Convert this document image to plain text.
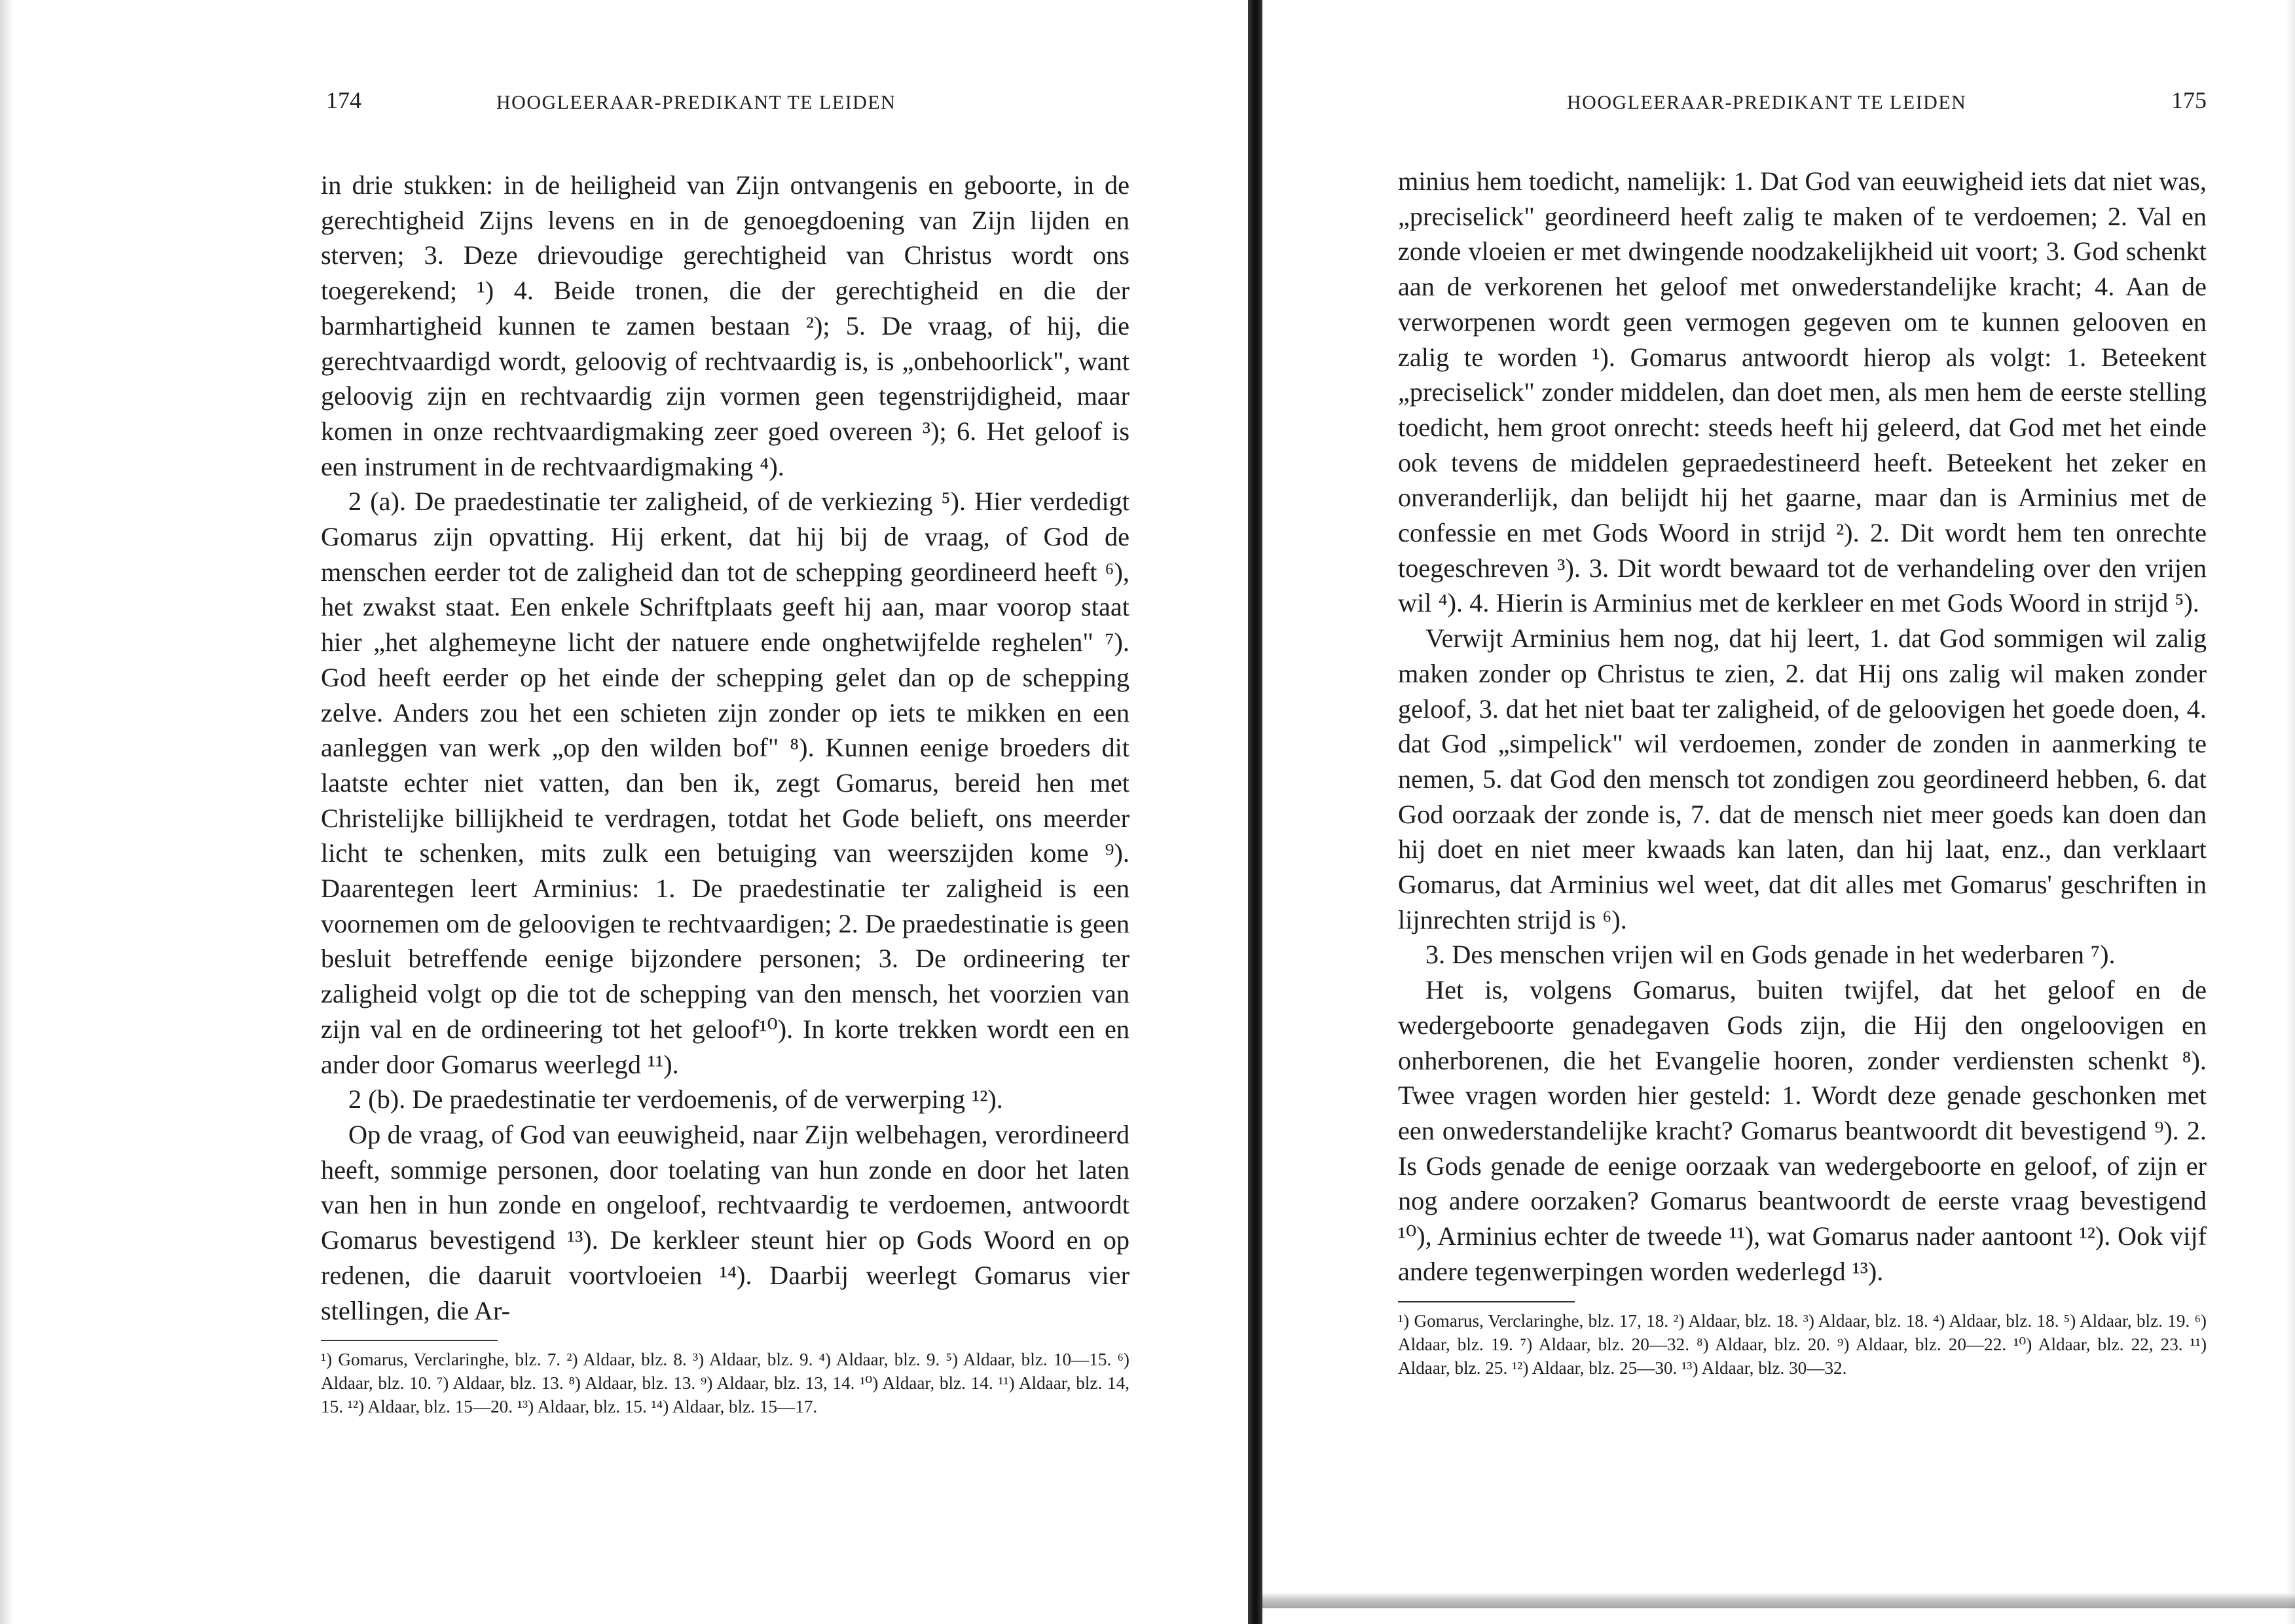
174	HOOGLEERAAR-PREDIKANT TE LEIDEN

in drie stukken: in de heiligheid van Zijn ontvangenis en geboorte, in de gerechtigheid Zijns levens en in de genoegdoening van Zijn lijden en sterven; 3. Deze drievoudige gerechtigheid van Christus wordt ons toegerekend; ¹) 4. Beide tronen, die der gerechtigheid en die der barmhartigheid kunnen te zamen bestaan ²); 5. De vraag, of hij, die gerechtvaardigd wordt, geloovig of rechtvaardig is, is „onbehoorlick", want geloovig zijn en rechtvaardig zijn vormen geen tegenstrijdigheid, maar komen in onze rechtvaardigmaking zeer goed overeen ³); 6. Het geloof is een instrument in de rechtvaardigmaking ⁴).

2 (a). De praedestinatie ter zaligheid, of de verkiezing ⁵). Hier verdedigt Gomarus zijn opvatting. Hij erkent, dat hij bij de vraag, of God de menschen eerder tot de zaligheid dan tot de schepping geordineerd heeft ⁶), het zwakst staat. Een enkele Schriftplaats geeft hij aan, maar voorop staat hier „het alghemeyne licht der natuere ende onghetwijfelde reghelen" ⁷). God heeft eerder op het einde der schepping gelet dan op de schepping zelve. Anders zou het een schieten zijn zonder op iets te mikken en een aanleggen van werk „op den wilden bof" ⁸). Kunnen eenige broeders dit laatste echter niet vatten, dan ben ik, zegt Gomarus, bereid hen met Christelijke billijkheid te verdragen, totdat het Gode belieft, ons meerder licht te schenken, mits zulk een betuiging van weerszijden kome ⁹). Daarentegen leert Arminius: 1. De praedestinatie ter zaligheid is een voornemen om de geloovigen te rechtvaardigen; 2. De praedestinatie is geen besluit betreffende eenige bijzondere personen; 3. De ordineering ter zaligheid volgt op die tot de schepping van den mensch, het voorzien van zijn val en de ordineering tot het geloof¹⁰). In korte trekken wordt een en ander door Gomarus weerlegd ¹¹).

2 (b). De praedestinatie ter verdoemenis, of de verwerping ¹²).

Op de vraag, of God van eeuwigheid, naar Zijn welbehagen, verordineerd heeft, sommige personen, door toelating van hun zonde en door het laten van hen in hun zonde en ongeloof, rechtvaardig te verdoemen, antwoordt Gomarus bevestigend ¹³). De kerkleer steunt hier op Gods Woord en op redenen, die daaruit voortvloeien ¹⁴). Daarbij weerlegt Gomarus vier stellingen, die Ar-

¹) Gomarus, Verclaringhe, blz. 7. ²) Aldaar, blz. 8. ³) Aldaar, blz. 9. ⁴) Aldaar, blz. 9. ⁵) Aldaar, blz. 10—15. ⁶) Aldaar, blz. 10. ⁷) Aldaar, blz. 13. ⁸) Aldaar, blz. 13. ⁹) Aldaar, blz. 13, 14. ¹⁰) Aldaar, blz. 14. ¹¹) Aldaar, blz. 14, 15. ¹²) Aldaar, blz. 15—20. ¹³) Aldaar, blz. 15. ¹⁴) Aldaar, blz. 15—17.
HOOGLEERAAR-PREDIKANT TE LEIDEN	175

minius hem toedicht, namelijk: 1. Dat God van eeuwigheid iets dat niet was, „preciselick" geordineerd heeft zalig te maken of te verdoemen; 2. Val en zonde vloeien er met dwingende noodzakelijkheid uit voort; 3. God schenkt aan de verkorenen het geloof met onwederstandelijke kracht; 4. Aan de verworpenen wordt geen vermogen gegeven om te kunnen gelooven en zalig te worden ¹). Gomarus antwoordt hierop als volgt: 1. Beteekent „preciselick" zonder middelen, dan doet men, als men hem de eerste stelling toedicht, hem groot onrecht: steeds heeft hij geleerd, dat God met het einde ook tevens de middelen gepraedestineerd heeft. Beteekent het zeker en onveranderlijk, dan belijdt hij het gaarne, maar dan is Arminius met de confessie en met Gods Woord in strijd ²). 2. Dit wordt hem ten onrechte toegeschreven ³). 3. Dit wordt bewaard tot de verhandeling over den vrijen wil ⁴). 4. Hierin is Arminius met de kerkleer en met Gods Woord in strijd ⁵).

Verwijt Arminius hem nog, dat hij leert, 1. dat God sommigen wil zalig maken zonder op Christus te zien, 2. dat Hij ons zalig wil maken zonder geloof, 3. dat het niet baat ter zaligheid, of de geloovigen het goede doen, 4. dat God „simpelick" wil verdoemen, zonder de zonden in aanmerking te nemen, 5. dat God den mensch tot zondigen zou geordineerd hebben, 6. dat God oorzaak der zonde is, 7. dat de mensch niet meer goeds kan doen dan hij doet en niet meer kwaads kan laten, dan hij laat, enz., dan verklaart Gomarus, dat Arminius wel weet, dat dit alles met Gomarus' geschriften in lijnrechten strijd is ⁶).

3. Des menschen vrijen wil en Gods genade in het wederbaren ⁷).

Het is, volgens Gomarus, buiten twijfel, dat het geloof en de wedergeboorte genadegaven Gods zijn, die Hij den ongeloovigen en onherborenen, die het Evangelie hooren, zonder verdiensten schenkt ⁸). Twee vragen worden hier gesteld: 1. Wordt deze genade geschonken met een onwederstandelijke kracht? Gomarus beantwoordt dit bevestigend ⁹). 2. Is Gods genade de eenige oorzaak van wedergeboorte en geloof, of zijn er nog andere oorzaken? Gomarus beantwoordt de eerste vraag bevestigend ¹⁰), Arminius echter de tweede ¹¹), wat Gomarus nader aantoont ¹²). Ook vijf andere tegenwerpingen worden wederlegd ¹³).

¹) Gomarus, Verclaringhe, blz. 17, 18. ²) Aldaar, blz. 18. ³) Aldaar, blz. 18. ⁴) Aldaar, blz. 18. ⁵) Aldaar, blz. 19. ⁶) Aldaar, blz. 19. ⁷) Aldaar, blz. 20—32. ⁸) Aldaar, blz. 20. ⁹) Aldaar, blz. 20—22. ¹⁰) Aldaar, blz. 22, 23. ¹¹) Aldaar, blz. 25. ¹²) Aldaar, blz. 25—30. ¹³) Aldaar, blz. 30—32.
